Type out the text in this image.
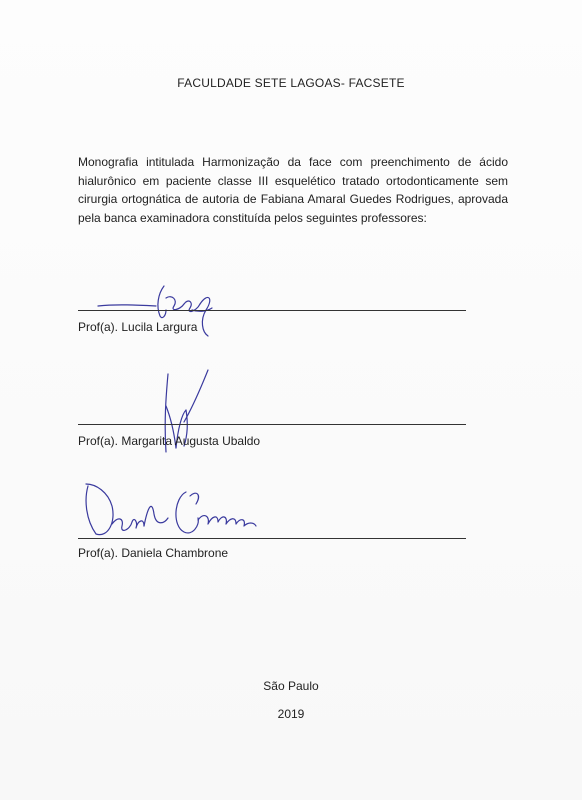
FACULDADE SETE LAGOAS- FACSETE
Monografia intitulada Harmonização da face com preenchimento de ácido hialurônico em paciente classe III esquelético tratado ortodonticamente sem cirurgia ortognática de autoria de Fabiana Amaral Guedes Rodrigues, aprovada pela banca examinadora constituída pelos seguintes professores:
Prof(a). Lucila Largura
Prof(a). Margarita Augusta Ubaldo
Prof(a). Daniela Chambrone
São Paulo
2019
